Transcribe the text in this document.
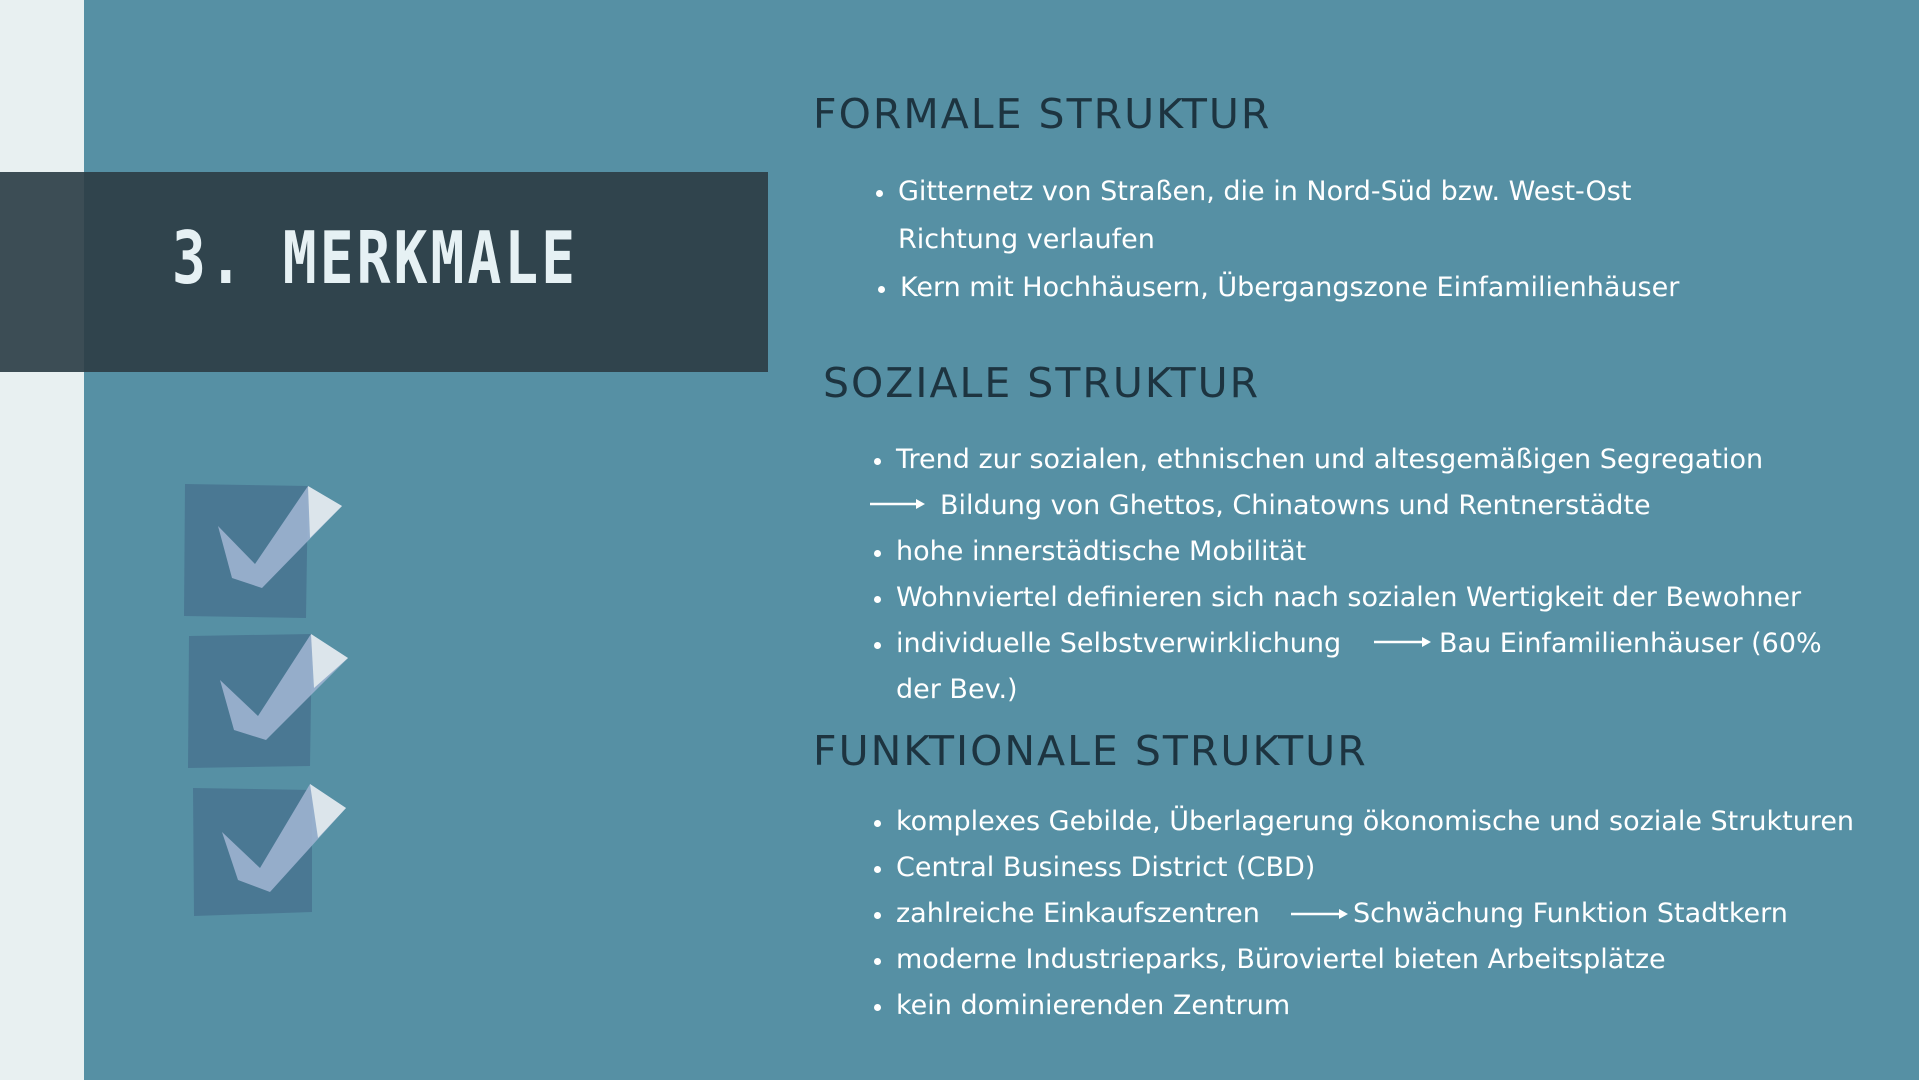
3. MERKMALE
FORMALE STRUKTUR
Gitternetz von Straßen, die in Nord-Süd bzw. West-Ost
Richtung verlaufen
Kern mit Hochhäusern, Übergangszone Einfamilienhäuser
SOZIALE STRUKTUR
Trend zur sozialen, ethnischen und altesgemäßigen Segregation
Bildung von Ghettos, Chinatowns und Rentnerstädte
hohe innerstädtische Mobilität
Wohnviertel definieren sich nach sozialen Wertigkeit der Bewohner
individuelle Selbstverwirklichung	Bau Einfamilienhäuser (60%
der Bev.)
FUNKTIONALE STRUKTUR
komplexes Gebilde, Überlagerung ökonomische und soziale Strukturen
Central Business District (CBD)
zahlreiche Einkaufszentren	Schwächung Funktion Stadtkern
moderne Industrieparks, Büroviertel bieten Arbeitsplätze
kein dominierenden Zentrum
